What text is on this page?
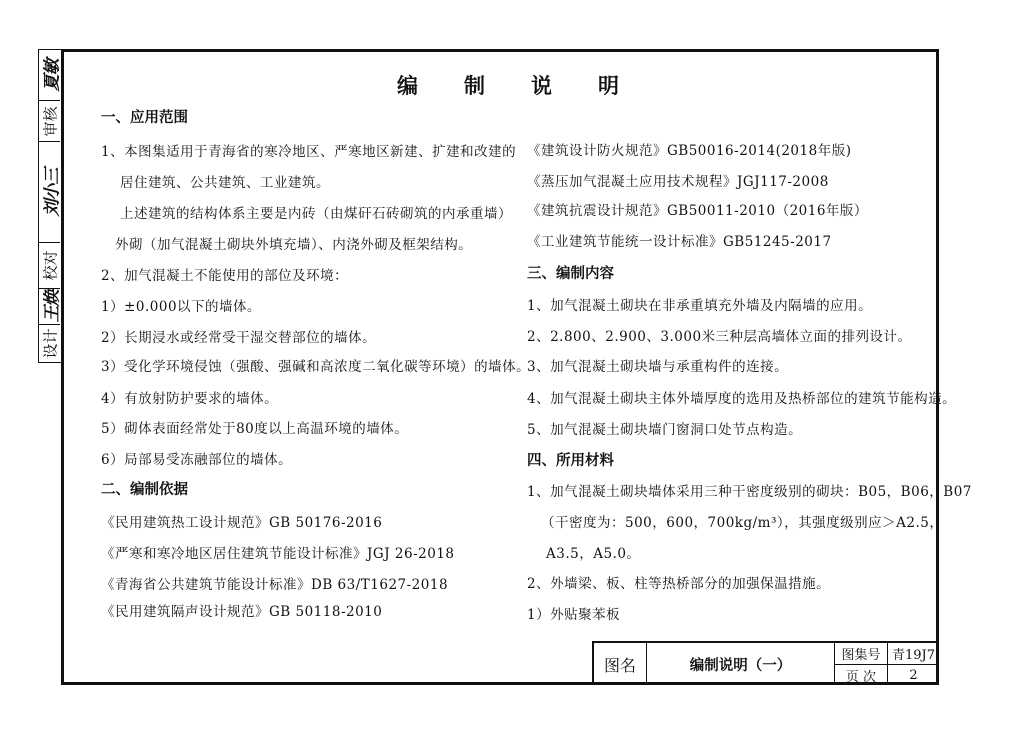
夏敏
审核
刘小三
校对
王焕
设计
编制说明
一、应用范围
1、本图集适用于青海省的寒冷地区、严寒地区新建、扩建和改建的
居住建筑、公共建筑、工业建筑。
上述建筑的结构体系主要是内砖（由煤矸石砖砌筑的内承重墙）
外砌（加气混凝土砌块外填充墙）、内浇外砌及框架结构。
2、加气混凝土不能使用的部位及环境：
1）±0.000以下的墙体。
2）长期浸水或经常受干湿交替部位的墙体。
3）受化学环境侵蚀（强酸、强碱和高浓度二氧化碳等环境）的墙体。
4）有放射防护要求的墙体。
5）砌体表面经常处于80度以上高温环境的墙体。
6）局部易受冻融部位的墙体。
二、编制依据
《民用建筑热工设计规范》GB 50176-2016
《严寒和寒冷地区居住建筑节能设计标准》JGJ 26-2018
《青海省公共建筑节能设计标准》DB 63/T1627-2018
《民用建筑隔声设计规范》GB 50118-2010
《建筑设计防火规范》GB50016-2014(2018年版)
《蒸压加气混凝土应用技术规程》JGJ117-2008
《建筑抗震设计规范》GB50011-2010（2016年版）
《工业建筑节能统一设计标准》GB51245-2017
三、编制内容
1、加气混凝土砌块在非承重填充外墙及内隔墙的应用。
2、2.800、2.900、3.000米三种层高墙体立面的排列设计。
3、加气混凝土砌块墙与承重构件的连接。
4、加气混凝土砌块主体外墙厚度的选用及热桥部位的建筑节能构造。
5、加气混凝土砌块墙门窗洞口处节点构造。
四、所用材料
1、加气混凝土砌块墙体采用三种干密度级别的砌块：B05，B06，B07
（干密度为：500，600，700kg/m³），其强度级别应＞A2.5，
A3.5，A5.0。
2、外墙梁、板、柱等热桥部分的加强保温措施。
1）外贴聚苯板
图名	编制说明（一）
图集号 青19J7
页 次	2
